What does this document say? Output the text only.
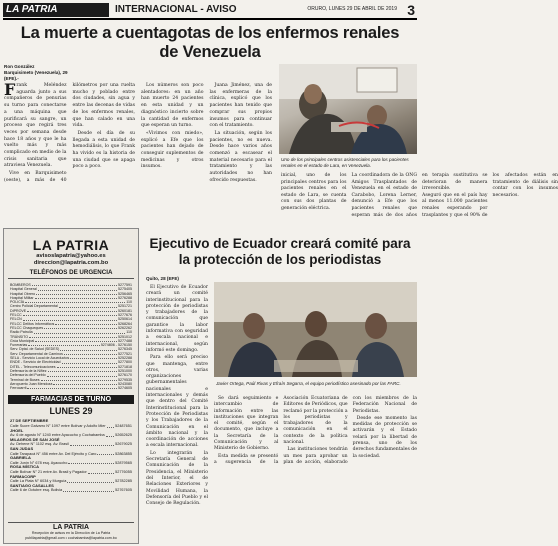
LA PATRIA	INTERNACIONAL - AVISO	ORURO, LUNES 29 DE ABRIL DE 2019 3
La muerte a cuentagotas de los enfermos renales de Venezuela
Ron González
Barquisimeto (Venezuela), 29
(EFE).-

Frank Meléndez aguarda junto a sus compañeros de penurias su turno para conectarse a una máquina que purificará su sangre, un proceso que regirá tres veces por semana desde hace 18 años y que le ha vuelto más y más complicado en medio de la crisis sanitaria que atraviesa Venezuela.

Vive en Barquisimeto (oeste), a más de 40 kilómetros por una ruelta mucho y poblado entre dos ciudades, sin agua y entre las decenas de vidas de los enfermos renales, que han calado en una vida.

Desde el día de su llegada a esta unidad de hemodiálisis, lo que Frank ha vivido es la historia de una ciudad que se apaga poco a poco.

Los números son poco alentadores: en un año han muerto 24 pacientes en esta unidad y un diagnóstico incierto sobre la cantidad de enfermos que esperan un turno.

«Vivimos con miedo», explicó a Efe que los pacientes han dejado de conseguir suplementos de medicinas y otros insumos.

Juana Jiménez, una de las enfermeras de la clínica, explicó que los pacientes han tenido que comprar sus propios insumos para continuar con el tratamiento.

La situación, según los pacientes, no es nueva. Desde hace varios años comenzó a escasear el material necesario para el tratamiento y las autoridades no han ofrecido respuestas.

Uno de los principales centros asistenciales para los pacientes renales en el estado de Lara, en Venezuela.

inicial, uno de los principales centros para los pacientes renales en el estado de Lara, se cuenta con sus dos plantas de generación eléctrica.

La coordinadora de la ONG Amigos Trasplantados de Venezuela en el estado de Carabobo, Lorena Lerner, denunció a Efe que los pacientes renales que esperan más de dos años en terapia sustitutiva se deterioran de manera irreversible.

Aseguró que en el país hay al menos 11.000 pacientes renales esperando por trasplantes y que el 90% de los afectados están en tratamiento de diálisis sin contar con los insumos necesarios.

LA PATRIA
avisoslapatria@yahoo.es
direccion@lapatria.com.bo
TELÉFONOS DE URGENCIA
BOMBEROS	5277591
Hospital General	5275405
Hospital Obrero	5256465
Hospital Militar	5276288
POLICÍA	110
Centro Policial Departamental	5251721
DIPROVE	5260181
FELCC	5277676
FELCN	5250614
FELCC Delitos Informáticos	5268264
FELCC Chaqueques	5262262
Radio Patrulla	110
TRÁNSITO	5251012
Grúa Municipal	5277488
Funerarias	5274806 - 5276150
Serv. Dptal. de Salud (SEDES)	5276345
Serv. Departamental de Caminos	5277521
SELA - Servicio Local de Acueductos	5252288
ENDE - Servicio de Electricidad	5277800
DITEL - Telecomunicaciones	5271818
Defensoría de la Niñez	5251000
Defensoría del Pueblo	5276170
Terminal de Buses	5279535
Aeropuerto Juan Mendoza	5243080
Ferrocarril	5274605
FARMACIAS DE TURNO
LUNES 29
27 DE SEPTIEMBRE
Calle Sucre Galvarro N° 1097 entre Bolívar y Adolfo Mier 52487651
JHOEL
Av. 6 de agosto N° 1240 entre Ayacucho y Cochabamba	52652625
MILAGROS DE SAN JOSÉ
Av. Dehene N° 1102 esq. Av. Brasil	52679025
SAN JUDAS
Calle Tarapacá N° 456 entre Av. Del Ejército y Caro	52863855
GABRIELA
Calle Junín N° 678 esq. Ayacucho	52879565
ROSA MÍSTICA
Calle Bolívar N° 21 entre Av. Brasil y Pagador	52776055
FARMACORP
Calle La Plata N° 6034 y Murguía	52782285
SANTIAGO CASALLES
Calle 6 de Octubre esq. Bolivia	52767605
LA PATRIA
Recepción de avisos en la Dirección de La Patria
publilapatria@gmail.com • cochabamba@lapatria.com.bo
Ejecutivo de Ecuador creará comité para la protección de los periodistas
Quito, 28 (EFE)

El Ejecutivo de Ecuador creará un comité interinstitucional para la protección de periodistas y trabajadores de la comunicación que garantice la labor informativa con seguridad a escala nacional e internacional, según informó este domingo.

Para ello será preciso que mantenga, entre otros, varias organizaciones gubernamentales nacionales e internacionales y demás que dentro del Comité Interinstitucional para la Protección de Periodistas y los Trabajadores de la Comunicación en el ámbito nacional y la coordinación de acciones a escala internacional.

Lo integrarán la Secretaría General de Comunicación de la Presidencia, el Ministerio del Interior, el de Relaciones Exteriores y Movilidad Humana, la Defensoría del Pueblo y el Consejo de Regulación.

Javier Ortega, Paúl Rivas y Efraín Segarra, el equipo periodístico asesinado por las FARC.

Se dará seguimiento e intercambio de información entre las instituciones que integran el comité, según el documento, que incluye a la Secretaría de la Comunicación y al Ministerio de Gobierno.

Esta medida se presentó a sugerencia de la Asociación Ecuatoriana de Editores de Periódicos, que reclamó por la protección a los periodistas y trabajadores de la comunicación en el contexto de la política nacional.

Las instituciones tendrán un mes para aprobar un plan de acción, elaborado con los miembros de la Federación Nacional de Periodistas.

Desde ese momento las medidas de protección se activarán y el Estado velará por la libertad de prensa, uno de los derechos fundamentales de la sociedad.
